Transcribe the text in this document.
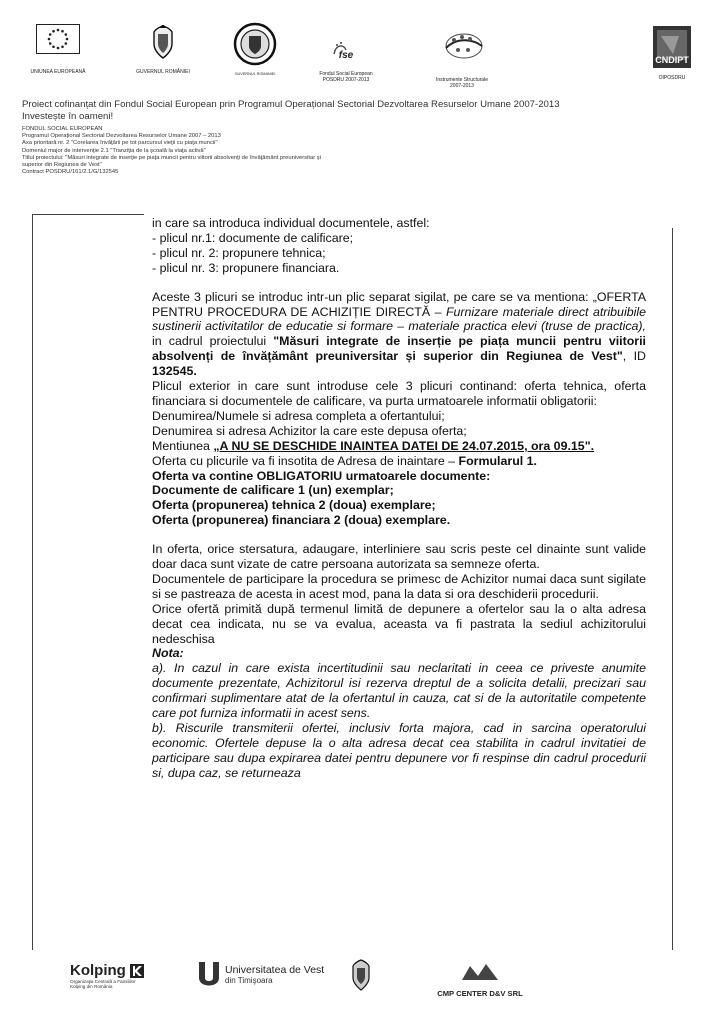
UNIUNEA EUROPEANĂ	GUVERNUL ROMÂNIEI	GUVERNUL ROMANIEI
fse
Fondul Social European
POSDRU 2007-2013	Instrumente Structurale
2007-2013
CNDIPT
OIPOSDRU
Proiect cofinanțat din Fondul Social European prin Programul Operațional Sectorial Dezvoltarea Resurselor Umane 2007-2013
Investește în oameni!
FONDUL SOCIAL EUROPEAN
Programul Operaţional Sectorial Dezvoltarea Resurselor Umane 2007 – 2013
Axa prioritară nr. 2 "Corelarea învăţării pe tot parcursul vieţii cu piaţa muncii"
Domeniul major de intervenţie 2.1 "Tranziţia de la şcoală la viaţa activă"
Titlul proiectului: "Măsuri integrate de inserţie pe piaţa muncii pentru viitorii absolvenţi de învăţământ preuniversitar şi
superior din Regiunea de Vest"
Contract POSDRU/161/2.1/G/132545

in care sa introduca individual documentele, astfel:

- plicul nr.1: documente de calificare;

- plicul nr. 2: propunere tehnica;

- plicul nr. 3: propunere financiara.

Aceste 3 plicuri se introduc intr-un plic separat sigilat, pe care se va mentiona: „OFERTA PENTRU PROCEDURA DE ACHIZIȚIE DIRECTĂ – Furnizare materiale direct atribuibile sustinerii activitatilor de educatie si formare – materiale practica elevi (truse de practica), in cadrul proiectului "Măsuri integrate de inserție pe piața muncii pentru viitorii absolvenți de învățământ preuniversitar și superior din Regiunea de Vest", ID 132545.

Plicul exterior in care sunt introduse cele 3 plicuri continand: oferta tehnica, oferta financiara si documentele de calificare, va purta urmatoarele informatii obligatorii:

Denumirea/Numele si adresa completa a ofertantului;

Denumirea si adresa Achizitor la care este depusa oferta;

Mentiunea „A NU SE DESCHIDE INAINTEA DATEI DE 24.07.2015, ora 09.15".

Oferta cu plicurile va fi insotita de Adresa de inaintare – Formularul 1.

Oferta va contine OBLIGATORIU urmatoarele documente:

Documente de calificare 1 (un) exemplar;

Oferta (propunerea) tehnica 2 (doua) exemplare;

Oferta (propunerea) financiara 2 (doua) exemplare.

In oferta, orice stersatura, adaugare, interliniere sau scris peste cel dinainte sunt valide doar daca sunt vizate de catre persoana autorizata sa semneze oferta.

Documentele de participare la procedura se primesc de Achizitor numai daca sunt sigilate si se pastreaza de acesta in acest mod, pana la data si ora deschiderii procedurii.

Orice ofertă primită după termenul limită de depunere a ofertelor sau la o alta adresa decat cea indicata, nu se va evalua, aceasta va fi pastrata la sediul achizitorului nedeschisa

Nota:

a). In cazul in care exista incertitudinii sau neclaritati in ceea ce priveste anumite documente prezentate, Achizitorul isi rezerva dreptul de a solicita detalii, precizari sau confirmari suplimentare atat de la ofertantul in cauza, cat si de la autoritatile competente care pot furniza informatii in acest sens.

b). Riscurile transmiterii ofertei, inclusiv forta majora, cad in sarcina operatorului economic. Ofertele depuse la o alta adresa decat cea stabilita in cadrul invitatiei de participare sau dupa expirarea datei pentru depunere vor fi respinse din cadrul procedurii si, dupa caz, se returneaza

Kolping
Organizaţia Centrală a Familiilor
Kolping din România
Universitatea de Vest
din Timişoara
CMP CENTER D&V SRL
